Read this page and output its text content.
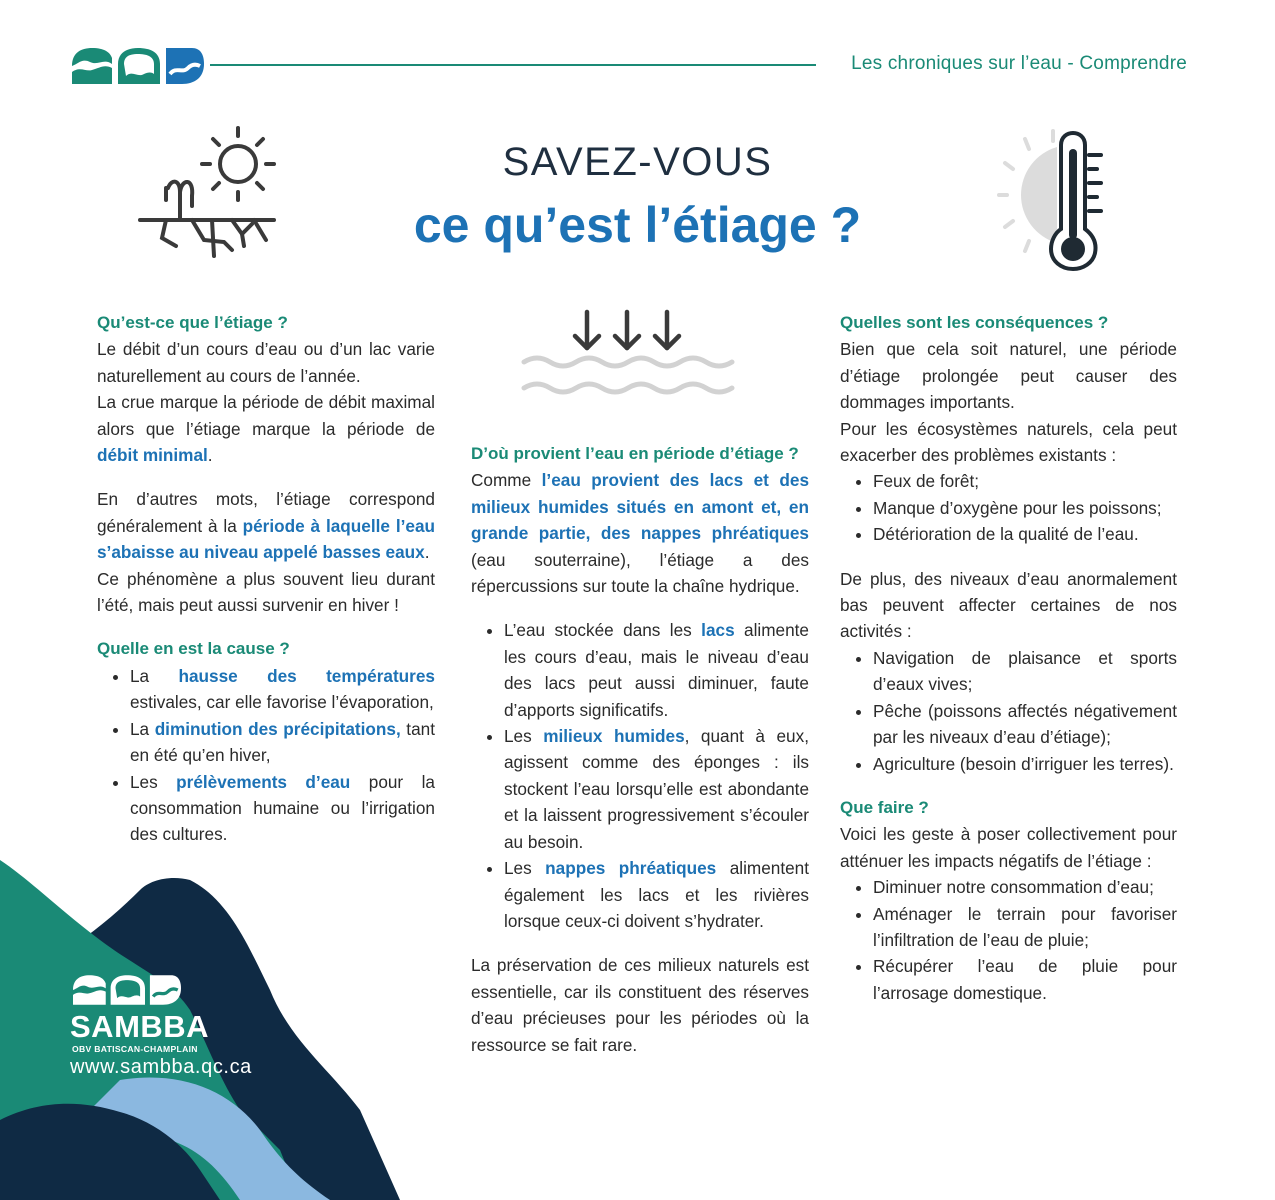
Les chroniques sur l’eau - Comprendre
SAVEZ-VOUS
ce qu’est l’étiage ?
SAMBBA
OBV BATISCAN-CHAMPLAIN
www.sambba.qc.ca
Qu’est-ce que l’étiage ?

Le débit d’un cours d’eau ou d’un lac varie naturellement au cours de l’année.

La crue marque la période de débit maximal alors que l’étiage marque la période de débit minimal.

En d’autres mots, l’étiage correspond généralement à la période à laquelle l’eau s’abaisse au niveau appelé basses eaux.

Ce phénomène a plus souvent lieu durant l’été, mais peut aussi survenir en hiver !

Quelle en est la cause ?
• La hausse des températures estivales, car elle favorise l’évaporation,
• La diminution des précipitations, tant en été qu’en hiver,
• Les prélèvements d’eau pour la consommation humaine ou l’irrigation des cultures.
D’où provient l’eau en période d’étiage ?

Comme l’eau provient des lacs et des milieux humides situés en amont et, en grande partie, des nappes phréatiques (eau souterraine), l’étiage a des répercussions sur toute la chaîne hydrique.

• L’eau stockée dans les lacs alimente les cours d’eau, mais le niveau d’eau des lacs peut aussi diminuer, faute d’apports significatifs.
• Les milieux humides, quant à eux, agissent comme des éponges : ils stockent l’eau lorsqu’elle est abondante et la laissent progressivement s’écouler au besoin.
• Les nappes phréatiques alimentent également les lacs et les rivières lorsque ceux-ci doivent s’hydrater.

La préservation de ces milieux naturels est essentielle, car ils constituent des réserves d’eau précieuses pour les périodes où la ressource se fait rare.

Quelles sont les conséquences ?

Bien que cela soit naturel, une période d’étiage prolongée peut causer des dommages importants.

Pour les écosystèmes naturels, cela peut exacerber des problèmes existants :

• Feux de forêt;
• Manque d’oxygène pour les poissons;
• Détérioration de la qualité de l’eau.

De plus, des niveaux d’eau anormalement bas peuvent affecter certaines de nos activités :

• Navigation de plaisance et sports d’eaux vives;
• Pêche (poissons affectés négativement par les niveaux d’eau d’étiage);
• Agriculture (besoin d’irriguer les terres).
Que faire ?

Voici les geste à poser collectivement pour atténuer les impacts négatifs de l’étiage :

• Diminuer notre consommation d’eau;
• Aménager le terrain pour favoriser l’infiltration de l’eau de pluie;
• Récupérer l’eau de pluie pour l’arrosage domestique.
